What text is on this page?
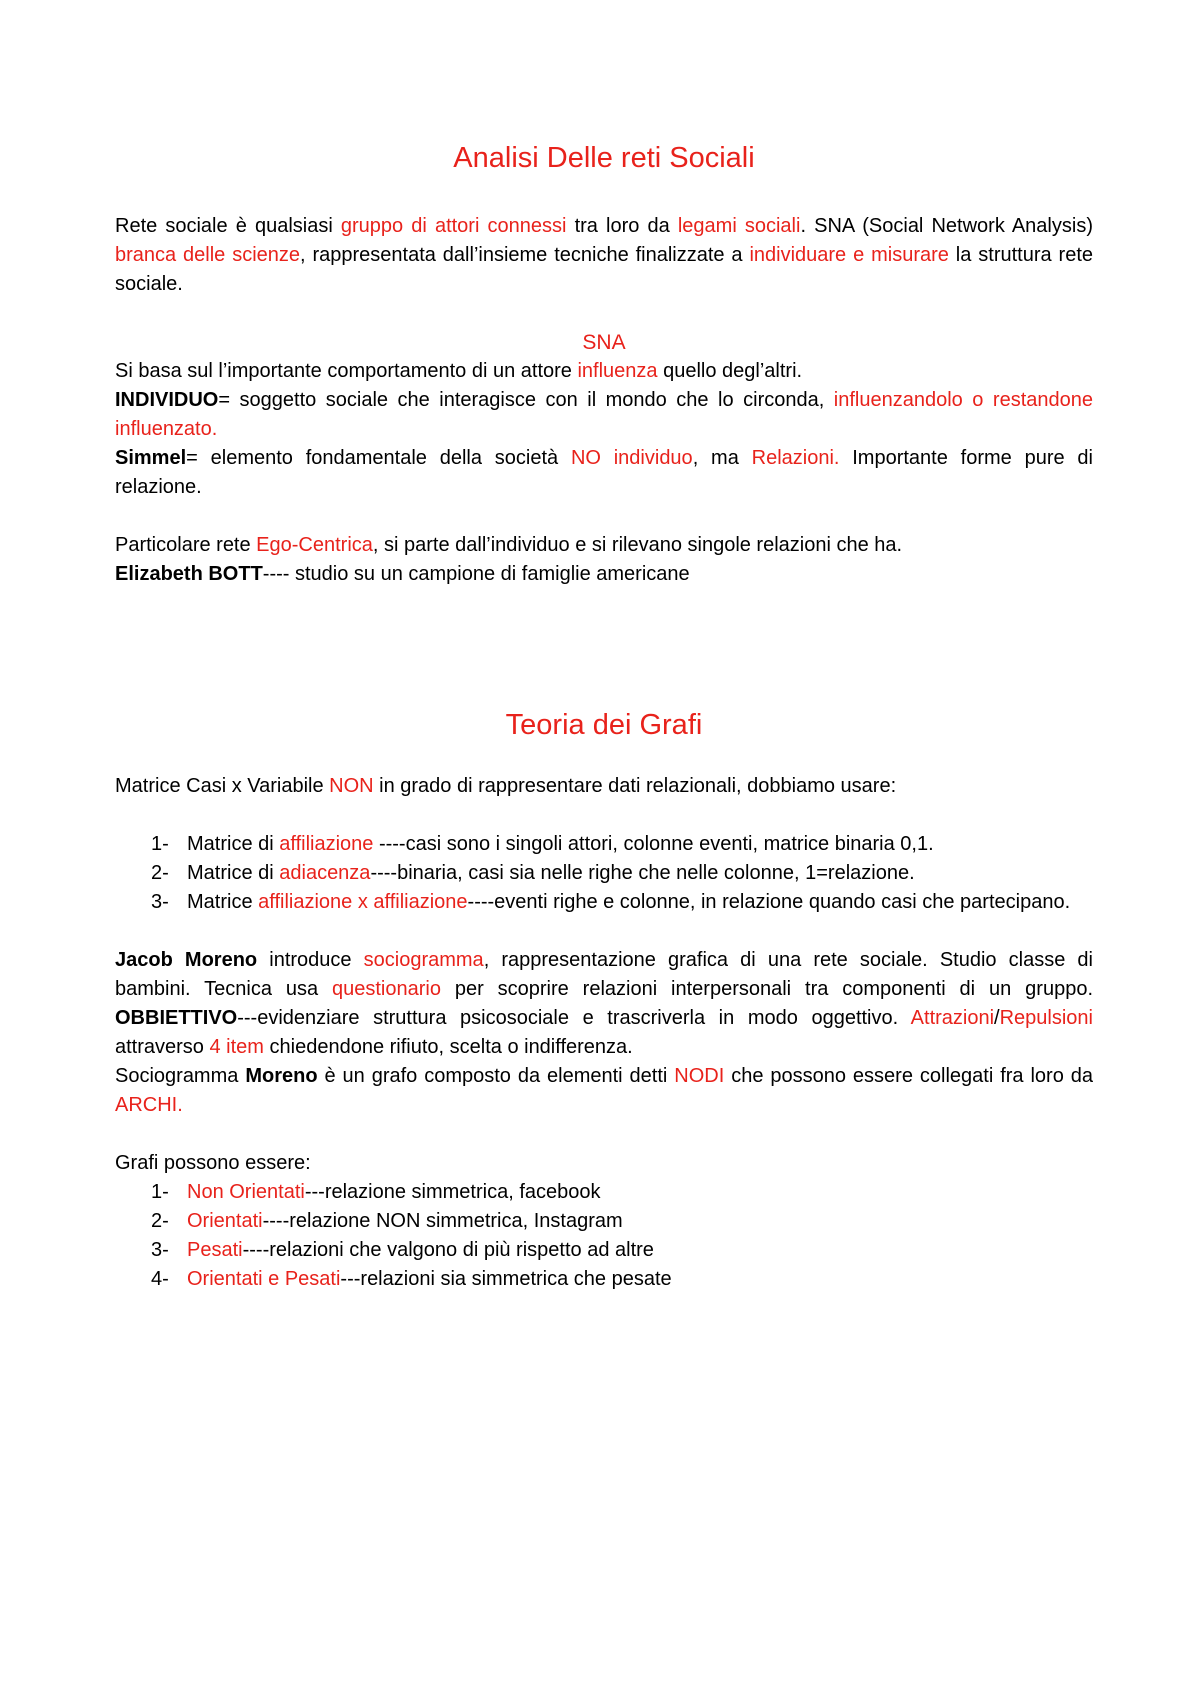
Analisi Delle reti Sociali

Rete sociale è qualsiasi gruppo di attori connessi tra loro da legami sociali. SNA (Social Network Analysis) branca delle scienze, rappresentata dall’insieme tecniche finalizzate a individuare e misurare la struttura rete sociale.

SNA

Si basa sul l’importante comportamento di un attore influenza quello degl’altri.

INDIVIDUO= soggetto sociale che interagisce con il mondo che lo circonda, influenzandolo o restandone influenzato.

Simmel= elemento fondamentale della società NO individuo, ma Relazioni. Importante forme pure di relazione.

Particolare rete Ego-Centrica, si parte dall’individuo e si rilevano singole relazioni che ha.

Elizabeth BOTT---- studio su un campione di famiglie americane

Teoria dei Grafi

Matrice Casi x Variabile NON in grado di rappresentare dati relazionali, dobbiamo usare:

1- Matrice di affiliazione ----casi sono i singoli attori, colonne eventi, matrice binaria 0,1.
2- Matrice di adiacenza----binaria, casi sia nelle righe che nelle colonne, 1=relazione.
3- Matrice affiliazione x affiliazione----eventi righe e colonne, in relazione quando casi che partecipano.

Jacob Moreno introduce sociogramma, rappresentazione grafica di una rete sociale. Studio classe di bambini. Tecnica usa questionario per scoprire relazioni interpersonali tra componenti di un gruppo. OBBIETTIVO---evidenziare struttura psicosociale e trascriverla in modo oggettivo. Attrazioni/Repulsioni attraverso 4 item chiedendone rifiuto, scelta o indifferenza.

Sociogramma Moreno è un grafo composto da elementi detti NODI che possono essere collegati fra loro da ARCHI.

Grafi possono essere:

1- Non Orientati---relazione simmetrica, facebook
2- Orientati----relazione NON simmetrica, Instagram
3- Pesati----relazioni che valgono di più rispetto ad altre
4- Orientati e Pesati---relazioni sia simmetrica che pesate
